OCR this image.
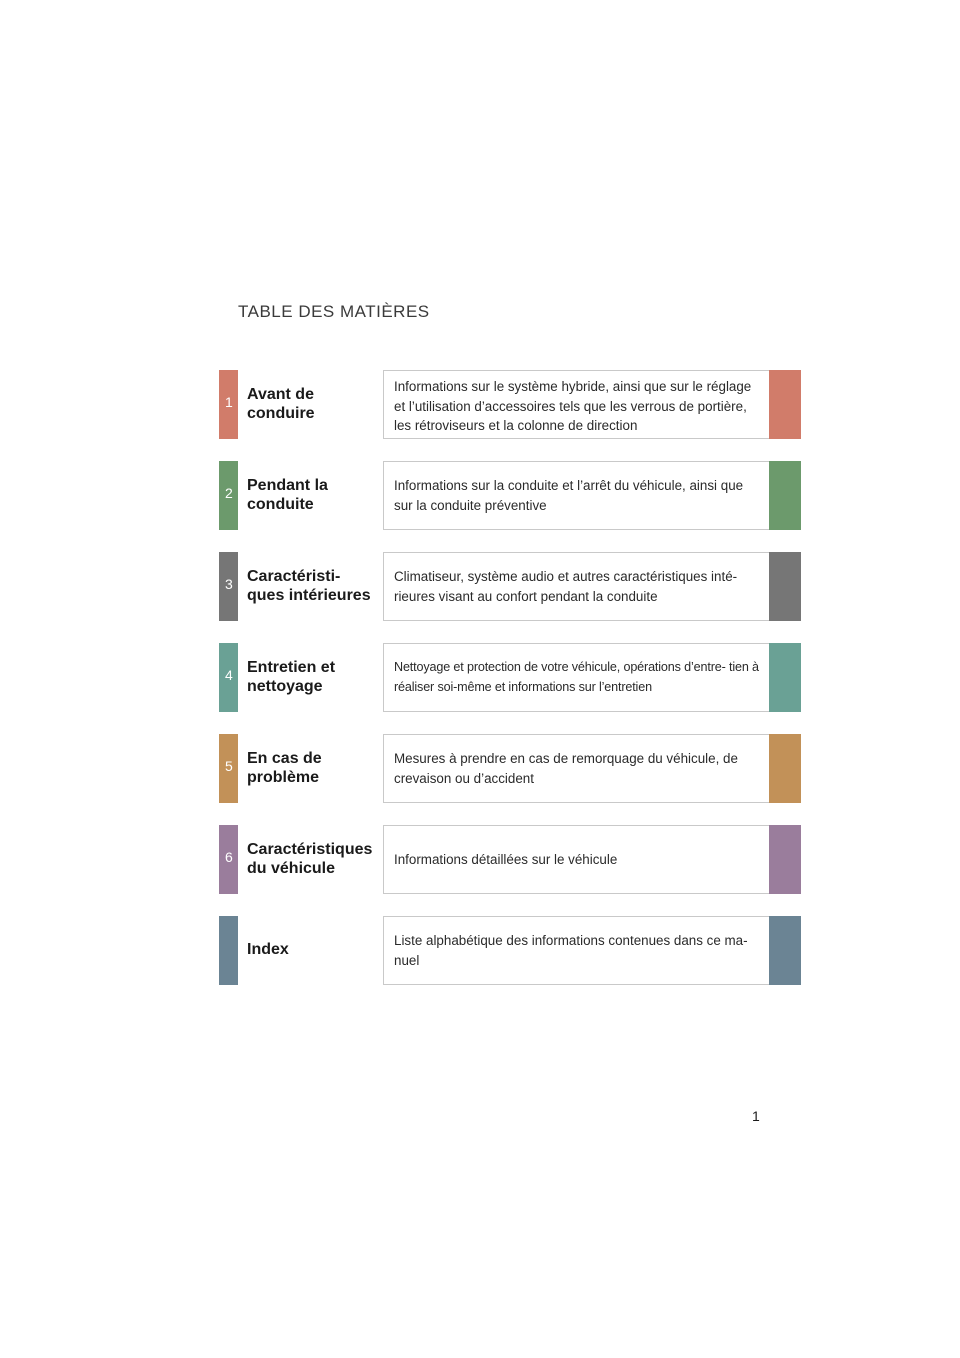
TABLE DES MATIÈRES
1 Avant de
conduire
Informations sur le système hybride, ainsi que sur le réglage et l’utilisation d’accessoires tels que les verrous de portière, les rétroviseurs et la colonne de direction
2 Pendant la
conduite
Informations sur la conduite et l’arrêt du véhicule, ainsi que sur la conduite préventive
3 Caractéristi-
ques intérieures
Climatiseur, système audio et autres caractéristiques inté- rieures visant au confort pendant la conduite
4 Entretien et
nettoyage
Nettoyage et protection de votre véhicule, opérations d’entre- tien à réaliser soi-même et informations sur l’entretien
5 En cas de
problème
Mesures à prendre en cas de remorquage du véhicule, de crevaison ou d’accident
6 Caractéristiques
du véhicule
Informations détaillées sur le véhicule
Index
Liste alphabétique des informations contenues dans ce ma- nuel
1
